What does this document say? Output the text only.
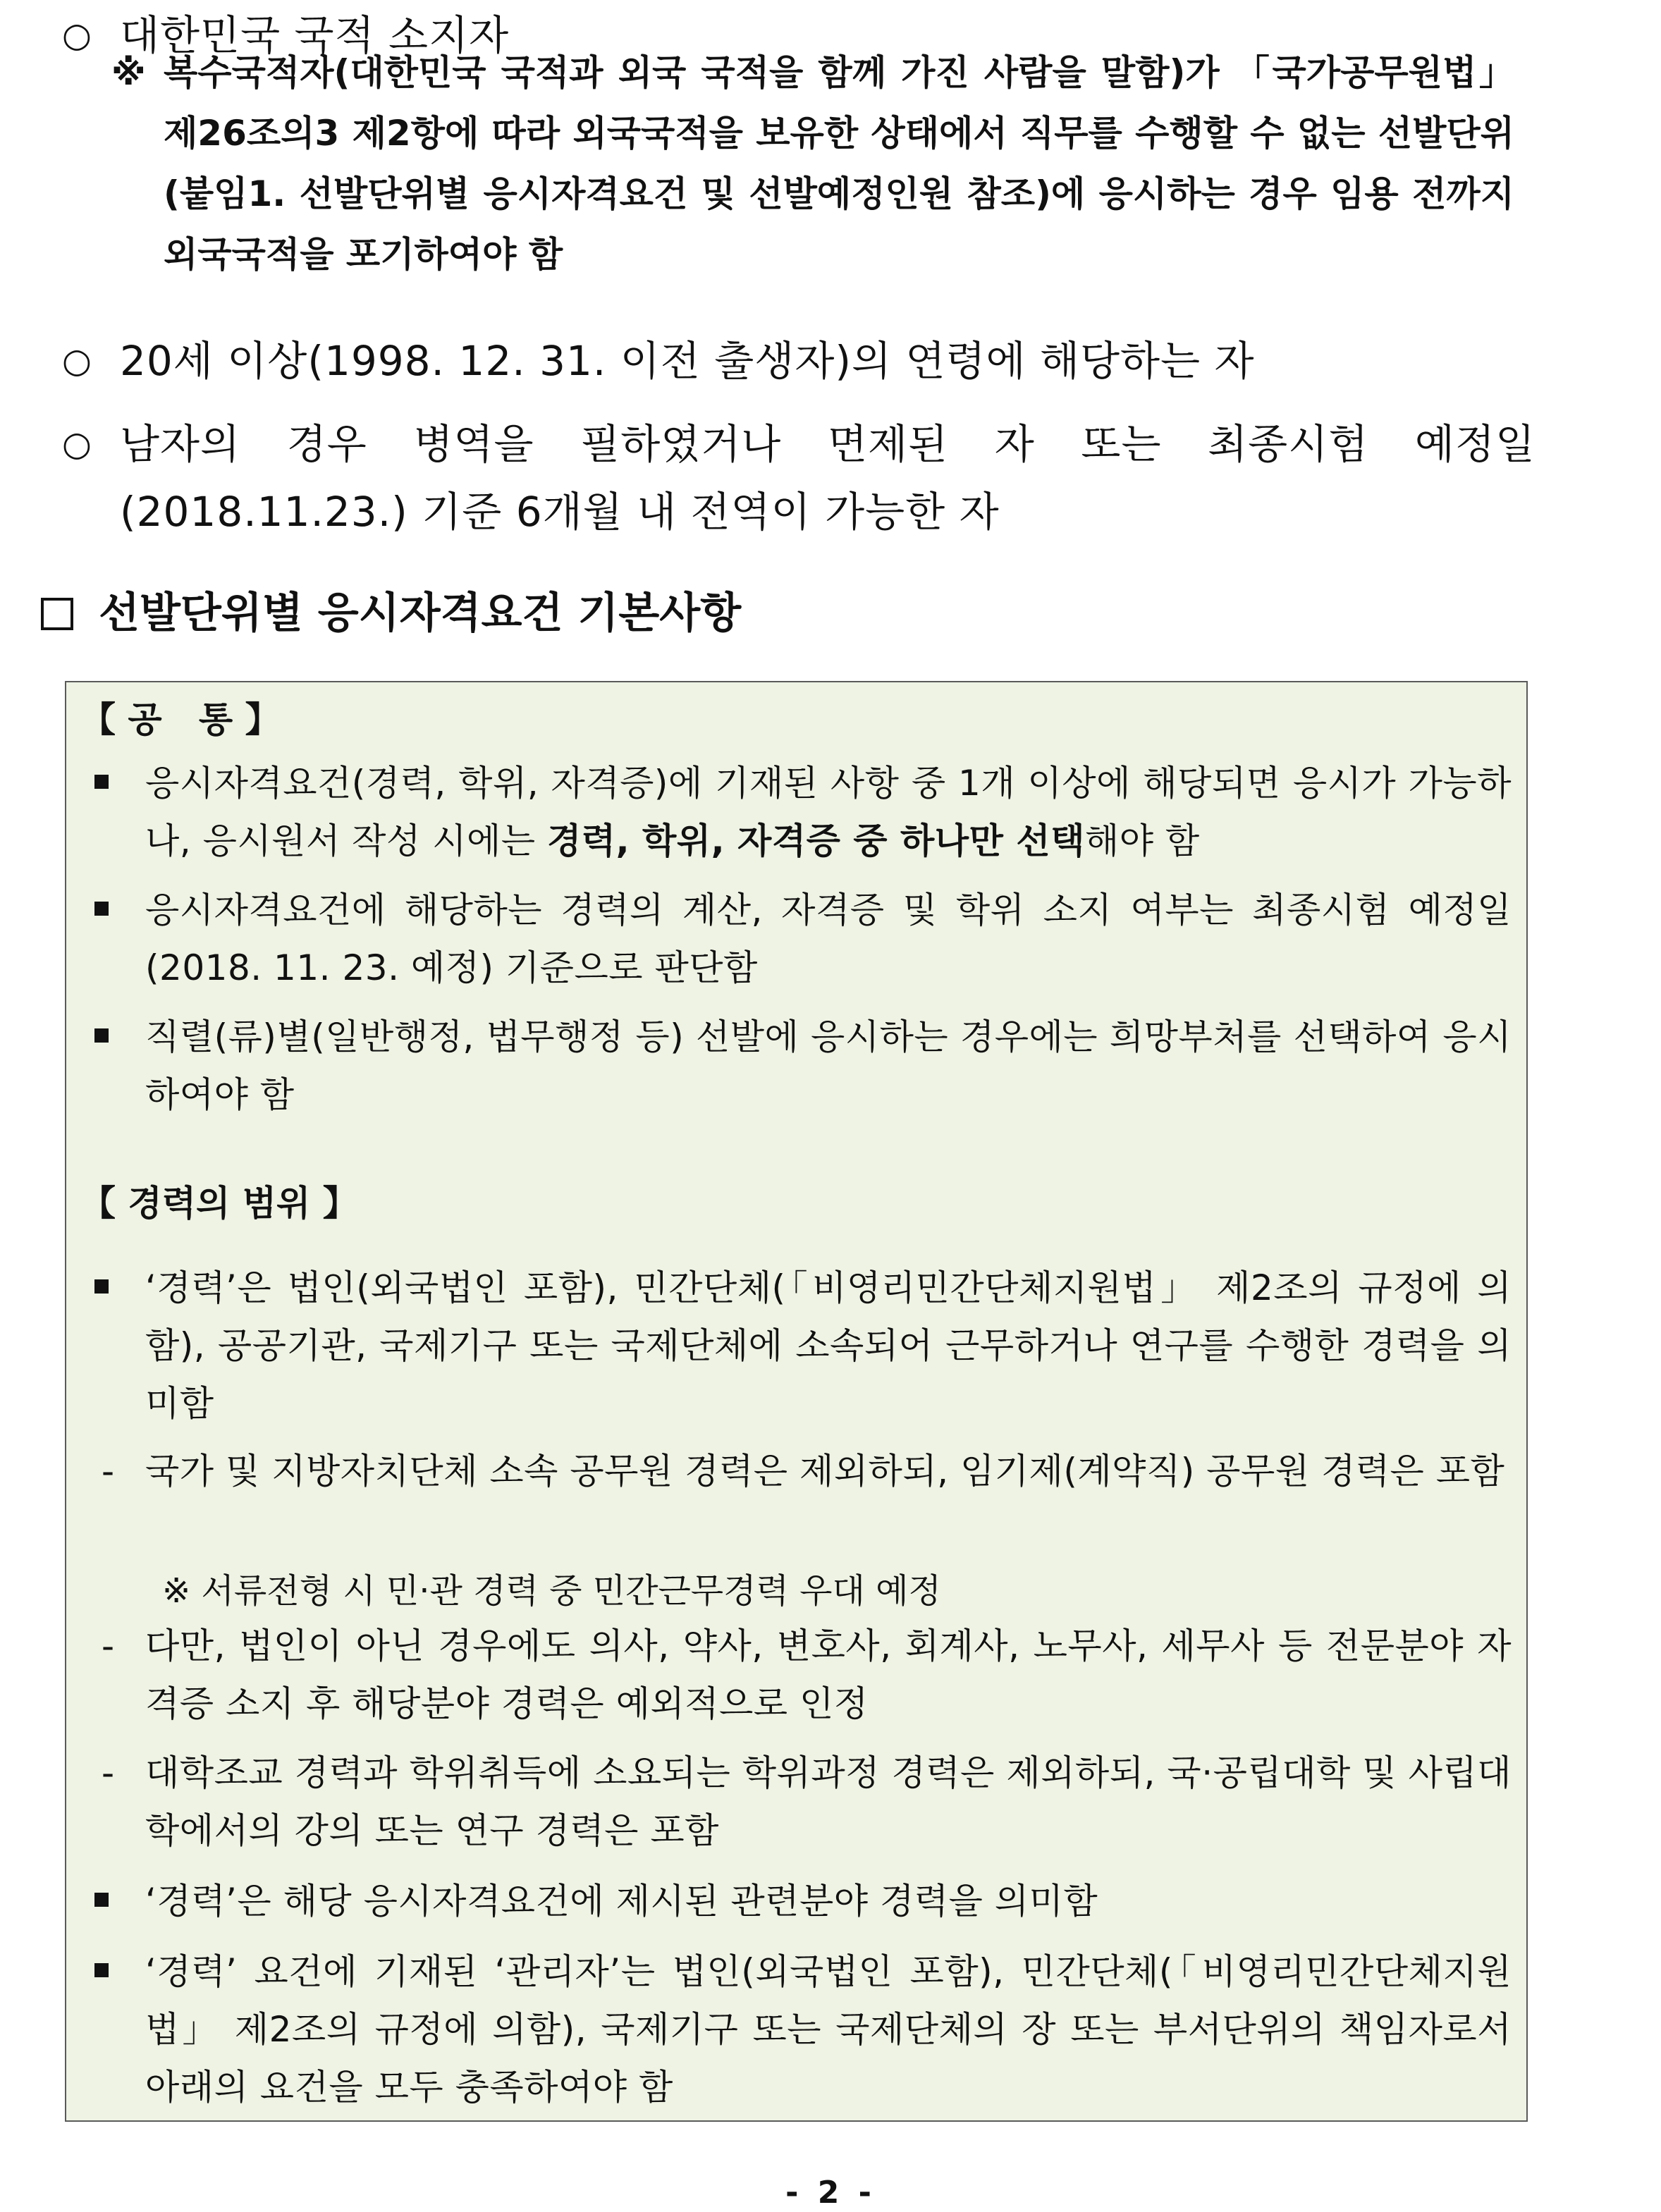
○ 대한민국 국적 소지자
※ 복수국적자(대한민국 국적과 외국 국적을 함께 가진 사람을 말함)가 「국가공무원법」 제26조의3 제2항에 따라 외국국적을 보유한 상태에서 직무를 수행할 수 없는 선발단위(붙임1. 선발단위별 응시자격요건 및 선발예정인원 참조)에 응시하는 경우 임용 전까지 외국국적을 포기하여야 함
○ 20세 이상(1998. 12. 31. 이전 출생자)의 연령에 해당하는 자
○ 남자의 경우 병역을 필하였거나 면제된 자 또는 최종시험 예정일(2018.11.23.) 기준 6개월 내 전역이 가능한 자
선발단위별 응시자격요건 기본사항
【 공   통 】
응시자격요건(경력, 학위, 자격증)에 기재된 사항 중 1개 이상에 해당되면 응시가 가능하나, 응시원서 작성 시에는 경력, 학위, 자격증 중 하나만 선택해야 함
응시자격요건에 해당하는 경력의 계산, 자격증 및 학위 소지 여부는 최종시험 예정일(2018. 11. 23. 예정) 기준으로 판단함
직렬(류)별(일반행정, 법무행정 등) 선발에 응시하는 경우에는 희망부처를 선택하여 응시하여야 함
【 경력의 범위 】
‘경력’은 법인(외국법인 포함), 민간단체(「비영리민간단체지원법」 제2조의 규정에 의함), 공공기관, 국제기구 또는 국제단체에 소속되어 근무하거나 연구를 수행한 경력을 의미함
- 국가 및 지방자치단체 소속 공무원 경력은 제외하되, 임기제(계약직) 공무원 경력은 포함
※ 서류전형 시 민·관 경력 중 민간근무경력 우대 예정
- 다만, 법인이 아닌 경우에도 의사, 약사, 변호사, 회계사, 노무사, 세무사 등 전문분야 자격증 소지 후 해당분야 경력은 예외적으로 인정
- 대학조교 경력과 학위취득에 소요되는 학위과정 경력은 제외하되, 국·공립대학 및 사립대학에서의 강의 또는 연구 경력은 포함
‘경력’은 해당 응시자격요건에 제시된 관련분야 경력을 의미함
‘경력’ 요건에 기재된 ‘관리자’는 법인(외국법인 포함), 민간단체(「비영리민간단체지원법」 제2조의 규정에 의함), 국제기구 또는 국제단체의 장 또는 부서단위의 책임자로서 아래의 요건을 모두 충족하여야 함
- 2 -
